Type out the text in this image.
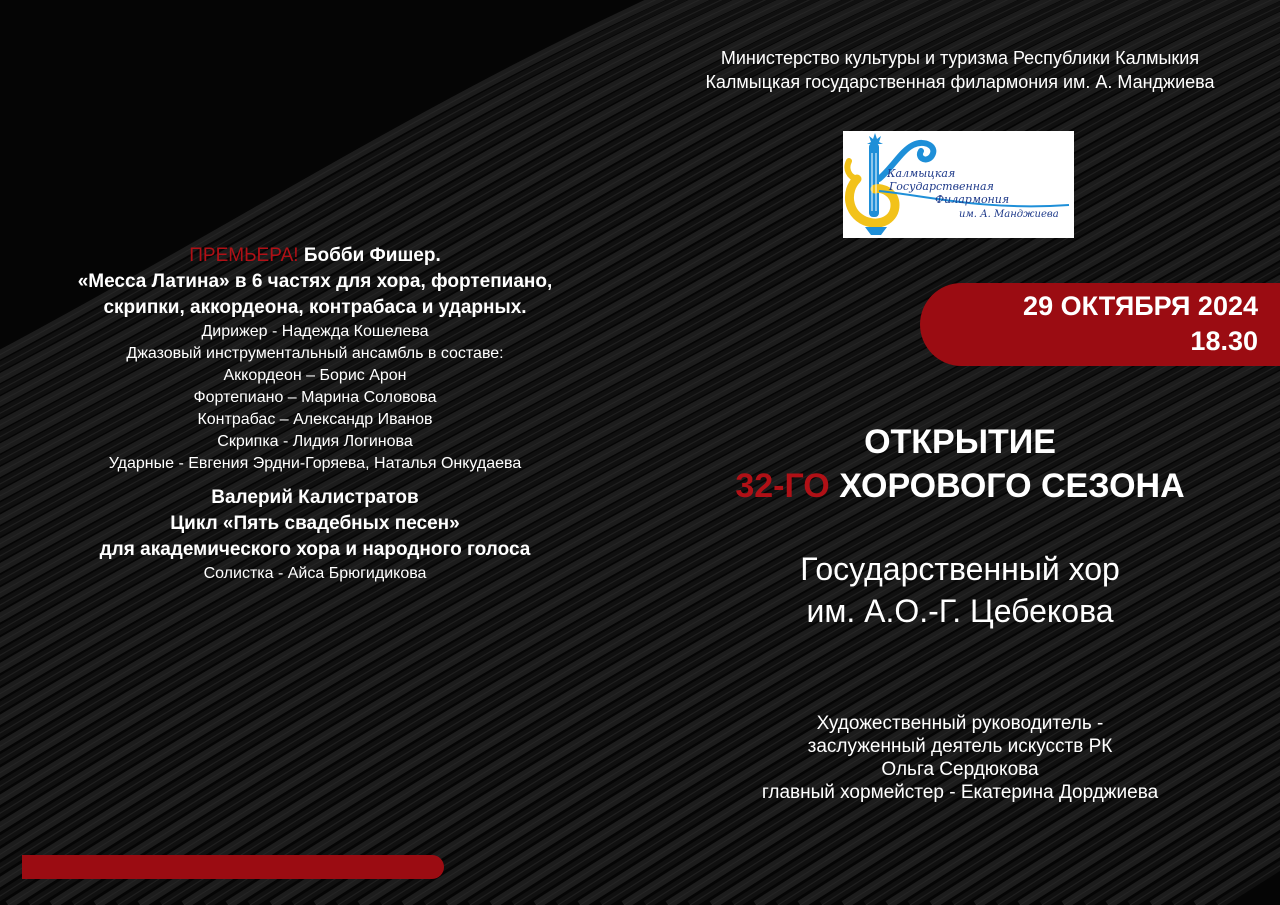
Министерство культуры и туризма Республики Калмыкия
Калмыцкая государственная филармония им. А. Манджиева
Калмыцкая
Государственная
Филармония
им. А. Манджиева
29 ОКТЯБРЯ 2024
18.30
ОТКРЫТИЕ
32-ГО ХОРОВОГО СЕЗОНА
Государственный хор
им. А.О.-Г. Цебекова
Художественный руководитель -
заслуженный деятель искусств РК
Ольга Сердюкова
главный хормейстер - Екатерина Дорджиева
ПРЕМЬЕРА! Бобби Фишер.
«Месса Латина» в 6 частях для хора, фортепиано,
скрипки, аккордеона, контрабаса и ударных.
Дирижер - Надежда Кошелева
Джазовый инструментальный ансамбль в составе:
Аккордеон – Борис Арон
Фортепиано – Марина Соловова
Контрабас – Александр Иванов
Скрипка - Лидия Логинова
Ударные - Евгения Эрдни-Горяева, Наталья Онкудаева
Валерий Калистратов
Цикл «Пять свадебных песен»
для академического хора и народного голоса
Солистка - Айса Брюгидикова
